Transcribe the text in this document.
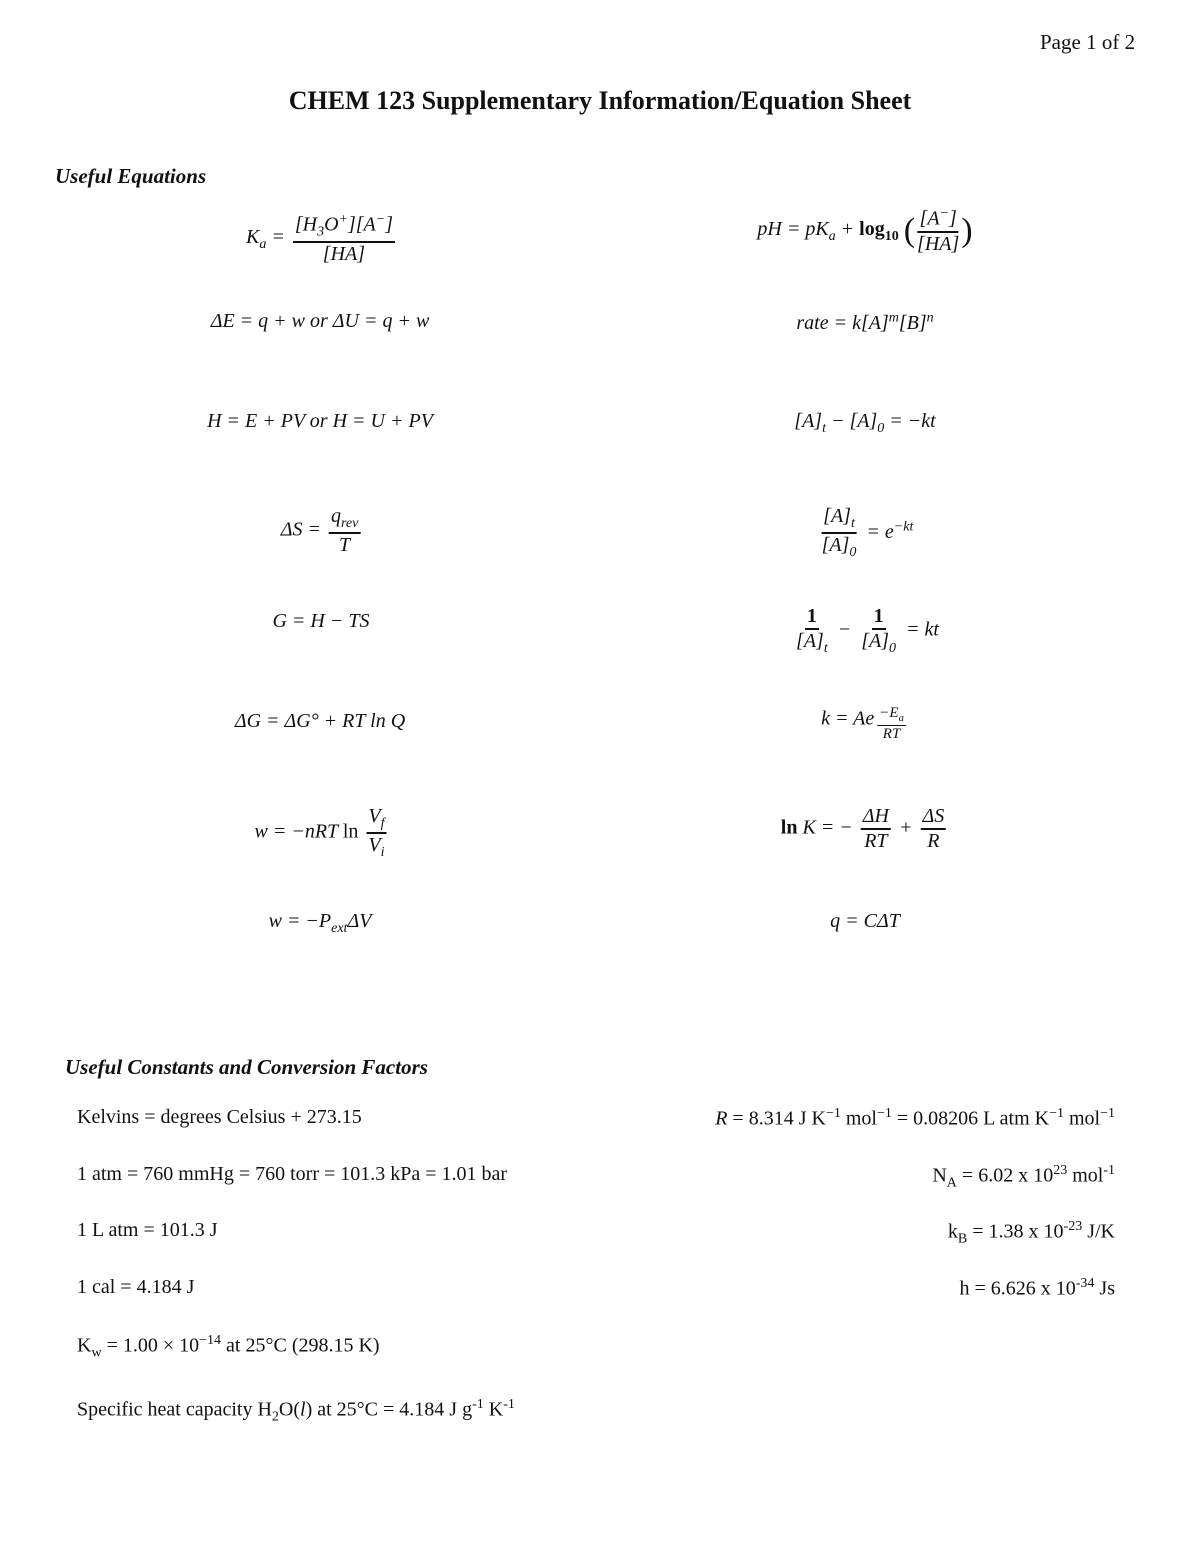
Page 1 of 2
CHEM 123 Supplementary Information/Equation Sheet
Useful Equations
$K_a = \frac{[H_3O^+][A^-]}{[HA]}$
ΔE = q + w or ΔU = q + w
H = E + PV or H = U + PV
$\Delta S = \frac{q_{rev}}{T}$
G = H − TS
ΔG = ΔG° + RT ln Q
w = −nRT $\ln \frac{V_f}{V_i}$
$w = -P_{ext}\Delta V$
pH = $pK_a + \log_{10}$ ( $\frac{[A^-]}{[HA]}$ )
rate = $k[A]^m[B]^n$
$[A]_t - [A]_0 = -kt$
$\frac{[A]_t}{[A]_0} = e^{-kt}$
$\frac{1}{[A]_t} - \frac{1}{[A]_0}$ = kt
k = Ae $\frac{-E_a}{RT}$
ln K = − $\frac{\Delta H}{RT} + \frac{\Delta S}{R}$
q = CΔT
Useful Constants and Conversion Factors
Kelvins = degrees Celsius + 273.15	R = 8.314 J $K^{-1}$ mol$^{-1}$ = 0.08206 L atm $K^{-1}$ mol$^{-1}$
1 atm = 760 mmHg = 760 torr = 101.3 kPa = 1.01 bar	$N_A = 6.02$ x $10^{23}$ mol$^{-1}$
1 L atm = 101.3 J	$k_B = 1.38$ x $10^{-23}$ J/K
1 cal = 4.184 J	h = 6.626 x $10^{-34}$ Js
$K_w = 1.00 \times 10^{-14}$ at 25°C (298.15 K)
Specific heat capacity $H_2O(l)$ at 25°C = 4.184 J $g^{-1}$ $K^{-1}$
